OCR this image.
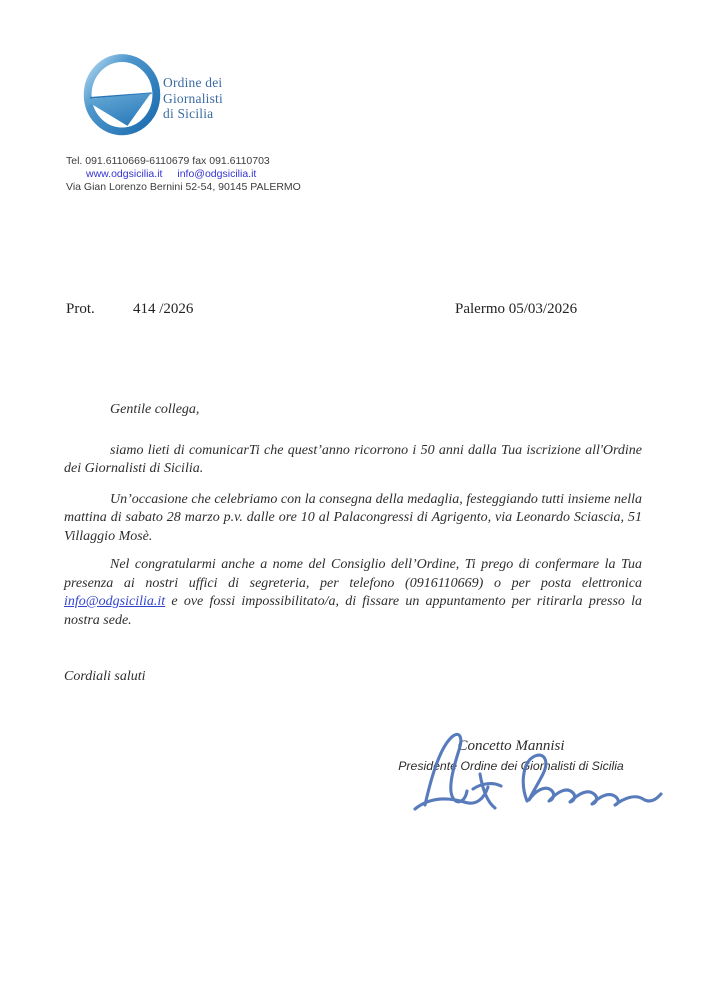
Ordine dei
Giornalisti
di Sicilia
Tel. 091.6110669-6110679 fax 091.6110703
www.odgsicilia.it info@odgsicilia.it
Via Gian Lorenzo Bernini 52-54, 90145 PALERMO
Prot.	414 /2026	Palermo 05/03/2026

Gentile collega,

siamo lieti di comunicarTi che quest’anno ricorrono i 50 anni dalla Tua iscrizione all'Ordine dei Giornalisti di Sicilia.

Un’occasione che celebriamo con la consegna della medaglia, festeggiando tutti insieme nella mattina di sabato 28 marzo p.v. dalle ore 10 al Palacongressi di Agrigento, via Leonardo Sciascia, 51 Villaggio Mosè.

Nel congratularmi anche a nome del Consiglio dell’Ordine, Ti prego di confermare la Tua presenza ai nostri uffici di segreteria, per telefono (0916110669) o per posta elettronica info@odgsicilia.it e ove fossi impossibilitato/a, di fissare un appuntamento per ritirarla presso la nostra sede.

Cordiali saluti

Concetto Mannisi
Presidente Ordine dei Giornalisti di Sicilia
